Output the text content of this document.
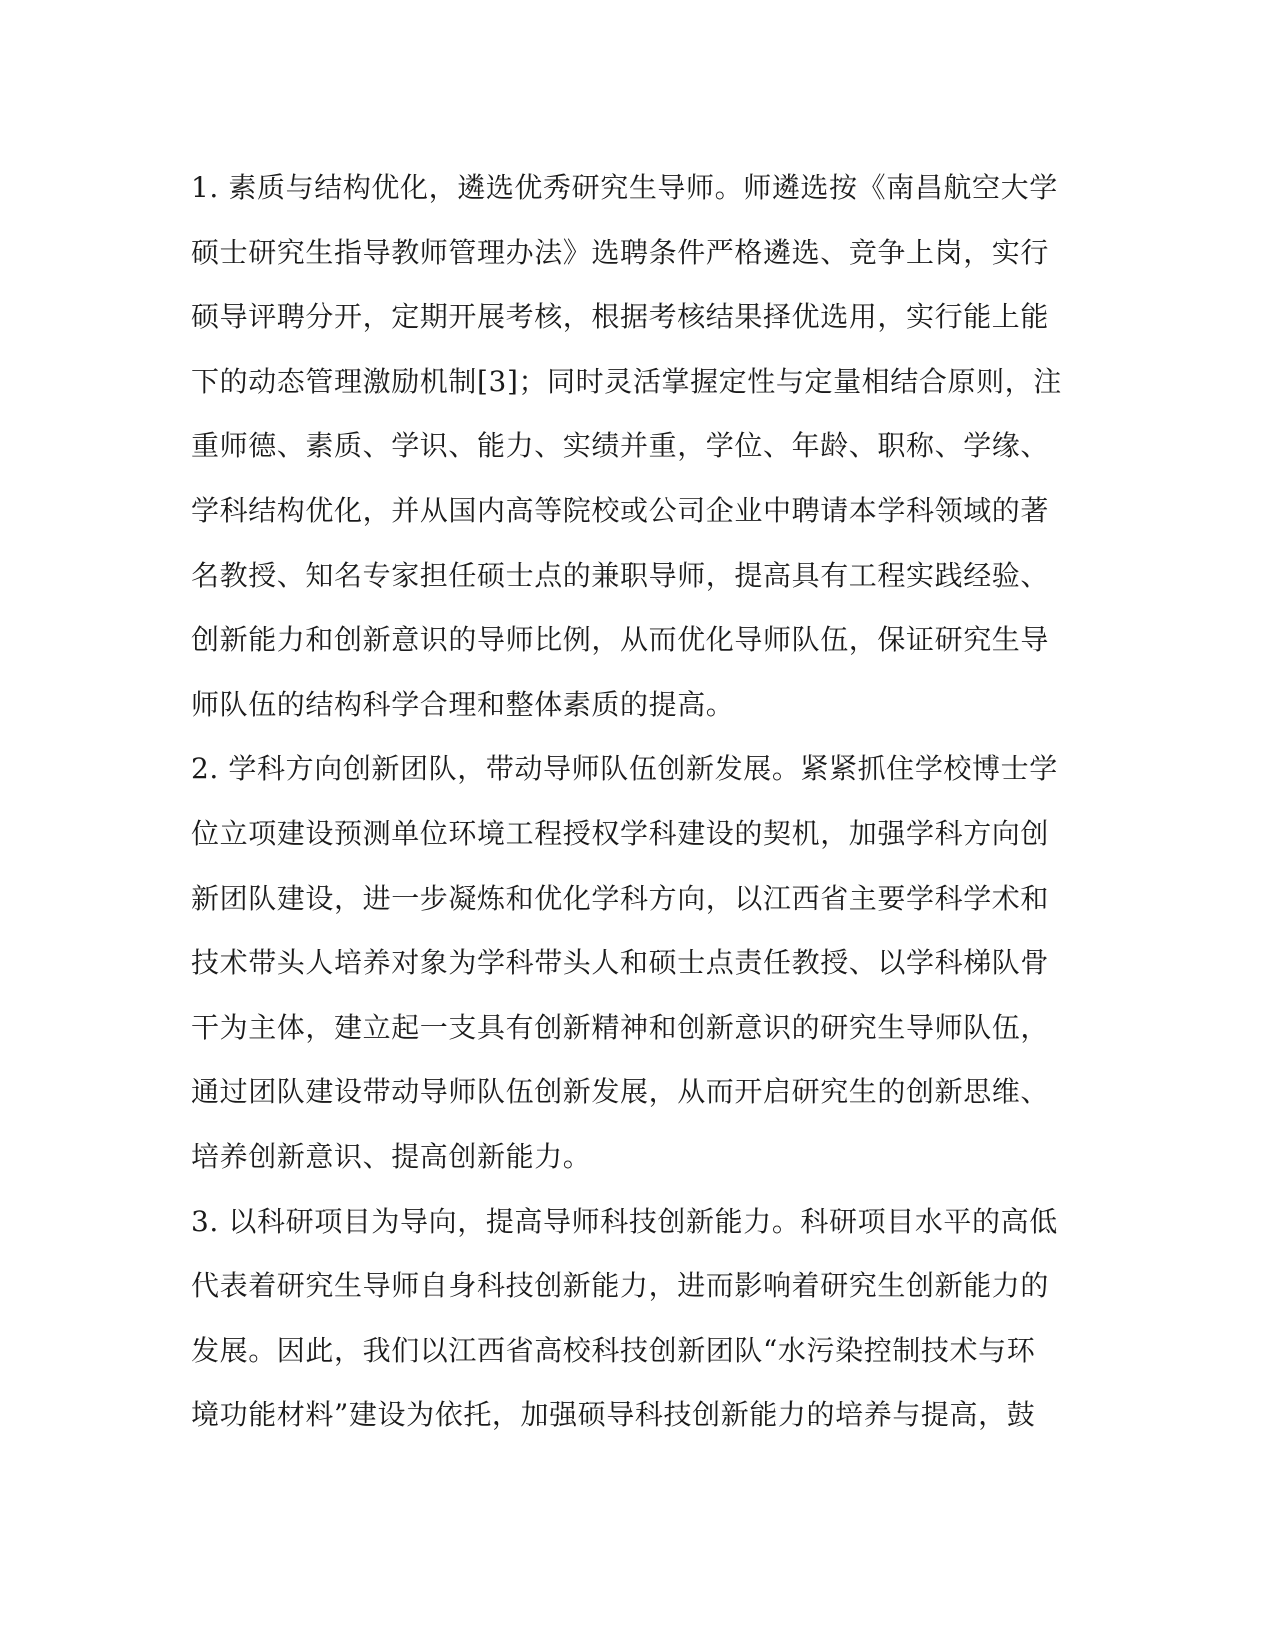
1. 素质与结构优化，遴选优秀研究生导师。师遴选按《南昌航空大学

硕士研究生指导教师管理办法》选聘条件严格遴选、竞争上岗，实行

硕导评聘分开，定期开展考核，根据考核结果择优选用，实行能上能

下的动态管理激励机制[3]；同时灵活掌握定性与定量相结合原则，注

重师德、素质、学识、能力、实绩并重，学位、年龄、职称、学缘、

学科结构优化，并从国内高等院校或公司企业中聘请本学科领域的著

名教授、知名专家担任硕士点的兼职导师，提高具有工程实践经验、

创新能力和创新意识的导师比例，从而优化导师队伍，保证研究生导

师队伍的结构科学合理和整体素质的提高。

2. 学科方向创新团队，带动导师队伍创新发展。紧紧抓住学校博士学

位立项建设预测单位环境工程授权学科建设的契机，加强学科方向创

新团队建设，进一步凝炼和优化学科方向，以江西省主要学科学术和

技术带头人培养对象为学科带头人和硕士点责任教授、以学科梯队骨

干为主体，建立起一支具有创新精神和创新意识的研究生导师队伍，

通过团队建设带动导师队伍创新发展，从而开启研究生的创新思维、

培养创新意识、提高创新能力。

3. 以科研项目为导向，提高导师科技创新能力。科研项目水平的高低

代表着研究生导师自身科技创新能力，进而影响着研究生创新能力的

发展。因此，我们以江西省高校科技创新团队“水污染控制技术与环

境功能材料”建设为依托，加强硕导科技创新能力的培养与提高，鼓
